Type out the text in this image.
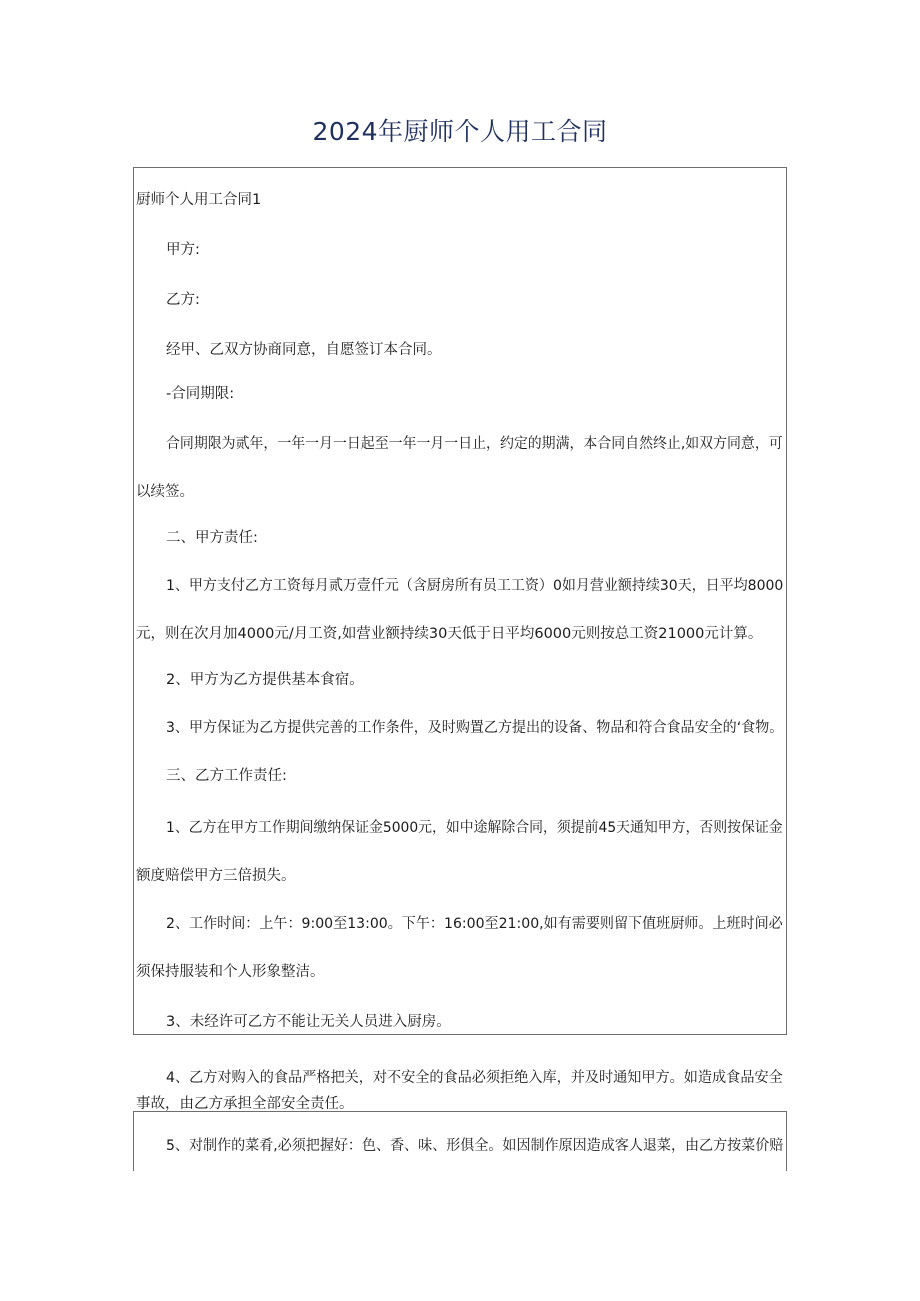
2024年厨师个人用工合同
厨师个人用工合同1
甲方:
乙方:
经甲、乙双方协商同意，自愿签订本合同。
-合同期限:
合同期限为贰年，一年一月一日起至一年一月一日止，约定的期满，本合同自然终止,如双方同意，可
以续签。
二、甲方责任:
1、甲方支付乙方工资每月贰万壹仟元（含厨房所有员工工资）0如月营业额持续30天，日平均8000
元，则在次月加4000元/月工资,如营业额持续30天低于日平均6000元则按总工资21000元计算。
2、甲方为乙方提供基本食宿。
3、甲方保证为乙方提供完善的工作条件，及时购置乙方提出的设备、物品和符合食品安全的‘食物。
三、乙方工作责任:
1、乙方在甲方工作期间缴纳保证金5000元，如中途解除合同，须提前45天通知甲方，否则按保证金
额度赔偿甲方三倍损失。
2、工作时间：上午：9:00至13:00。下午：16:00至21:00,如有需要则留下值班厨师。上班时间必
须保持服装和个人形象整洁。
3、未经许可乙方不能让无关人员进入厨房。
4、乙方对购入的食品严格把关，对不安全的食品必须拒绝入库，并及时通知甲方。如造成食品安全
事故，由乙方承担全部安全责任。
5、对制作的菜肴,必须把握好：色、香、味、形俱全。如因制作原因造成客人退菜，由乙方按菜价赔
